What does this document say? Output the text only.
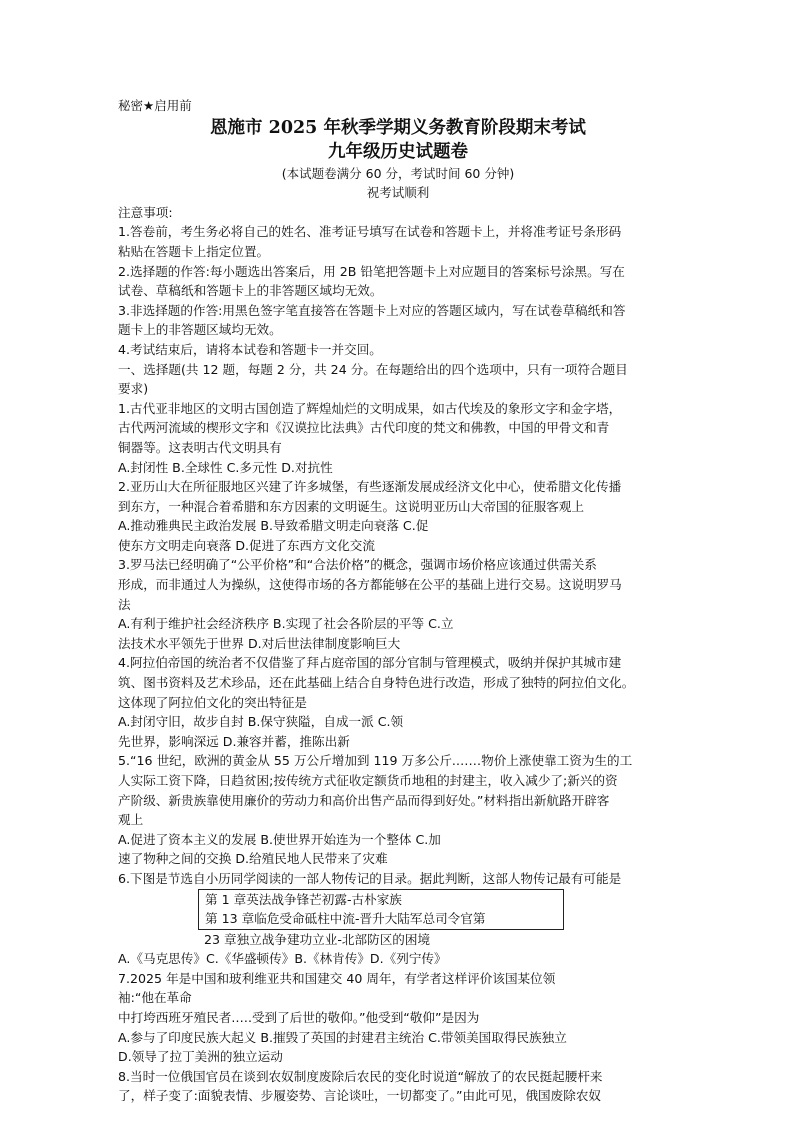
秘密★启用前
恩施市 2025 年秋季学期义务教育阶段期末考试
九年级历史试题卷
(本试题卷满分 60 分，考试时间 60 分钟)
祝考试顺利
注意事项:
1.答卷前，考生务必将自己的姓名、准考证号填写在试卷和答题卡上，并将准考证号条形码
粘贴在答题卡上指定位置。
2.选择题的作答:每小题选出答案后，用 2B 铅笔把答题卡上对应题目的答案标号涂黑。写在
试卷、草稿纸和答题卡上的非答题区域均无效。
3.非选择题的作答:用黑色签字笔直接答在答题卡上对应的答题区域内，写在试卷草稿纸和答
题卡上的非答题区域均无效。
4.考试结束后，请将本试卷和答题卡一并交回。
一、选择题(共 12 题，每题 2 分，共 24 分。在每题给出的四个选项中，只有一项符合题目
要求)
1.古代亚非地区的文明古国创造了辉煌灿烂的文明成果，如古代埃及的象形文字和金字塔，
古代两河流域的楔形文字和《汉谟拉比法典》古代印度的梵文和佛教，中国的甲骨文和青
铜器等。这表明古代文明具有
A.封闭性 B.全球性 C.多元性 D.对抗性
2.亚历山大在所征服地区兴建了许多城堡，有些逐渐发展成经济文化中心，使希腊文化传播
到东方，一种混合着希腊和东方因素的文明诞生。这说明亚历山大帝国的征服客观上
A.推动雅典民主政治发展 B.导致希腊文明走向衰落 C.促
使东方文明走向衰落 D.促进了东西方文化交流
3.罗马法已经明确了“公平价格”和“合法价格”的概念，强调市场价格应该通过供需关系
形成，而非通过人为操纵，这使得市场的各方都能够在公平的基础上进行交易。这说明罗马
法
A.有利于维护社会经济秩序 B.实现了社会各阶层的平等 C.立
法技术水平领先于世界 D.对后世法律制度影响巨大
4.阿拉伯帝国的统治者不仅借鉴了拜占庭帝国的部分官制与管理模式，吸纳并保护其城市建
筑、图书资料及艺术珍品，还在此基础上结合自身特色进行改造，形成了独特的阿拉伯文化。
这体现了阿拉伯文化的突出特征是
A.封闭守旧，故步自封 B.保守狭隘，自成一派 C.领
先世界，影响深远 D.兼容并蓄，推陈出新
5.“16 世纪，欧洲的黄金从 55 万公斤增加到 119 万多公斤.……物价上涨使靠工资为生的工
人实际工资下降，日趋贫困;按传统方式征收定额货币地租的封建主，收入减少了;新兴的资
产阶级、新贵族靠使用廉价的劳动力和高价出售产品而得到好处。”材料指出新航路开辟客
观上
A.促进了资本主义的发展 B.使世界开始连为一个整体 C.加
速了物种之间的交换 D.给殖民地人民带来了灾难
6.下图是节选自小历同学阅读的一部人物传记的目录。据此判断，这部人物传记最有可能是
第 1 章英法战争锋芒初露-古朴家族
第 13 章临危受命砥柱中流-晋升大陆军总司令官第
23 章独立战争建功立业-北部防区的困境
A.《马克思传》C.《华盛顿传》B.《林肯传》D.《列宁传》
7.2025 年是中国和玻利维亚共和国建交 40 周年，有学者这样评价该国某位领
袖:“他在革命
中打垮西班牙殖民者.….受到了后世的敬仰。”他受到“敬仰”是因为
A.参与了印度民族大起义 B.摧毁了英国的封建君主统治 C.带领美国取得民族独立
D.领导了拉丁美洲的独立运动
8.当时一位俄国官员在谈到农奴制度废除后农民的变化时说道“解放了的农民挺起腰杆来
了，样子变了:面貌表情、步履姿势、言论谈吐，一切都变了。”由此可见，俄国废除农奴
